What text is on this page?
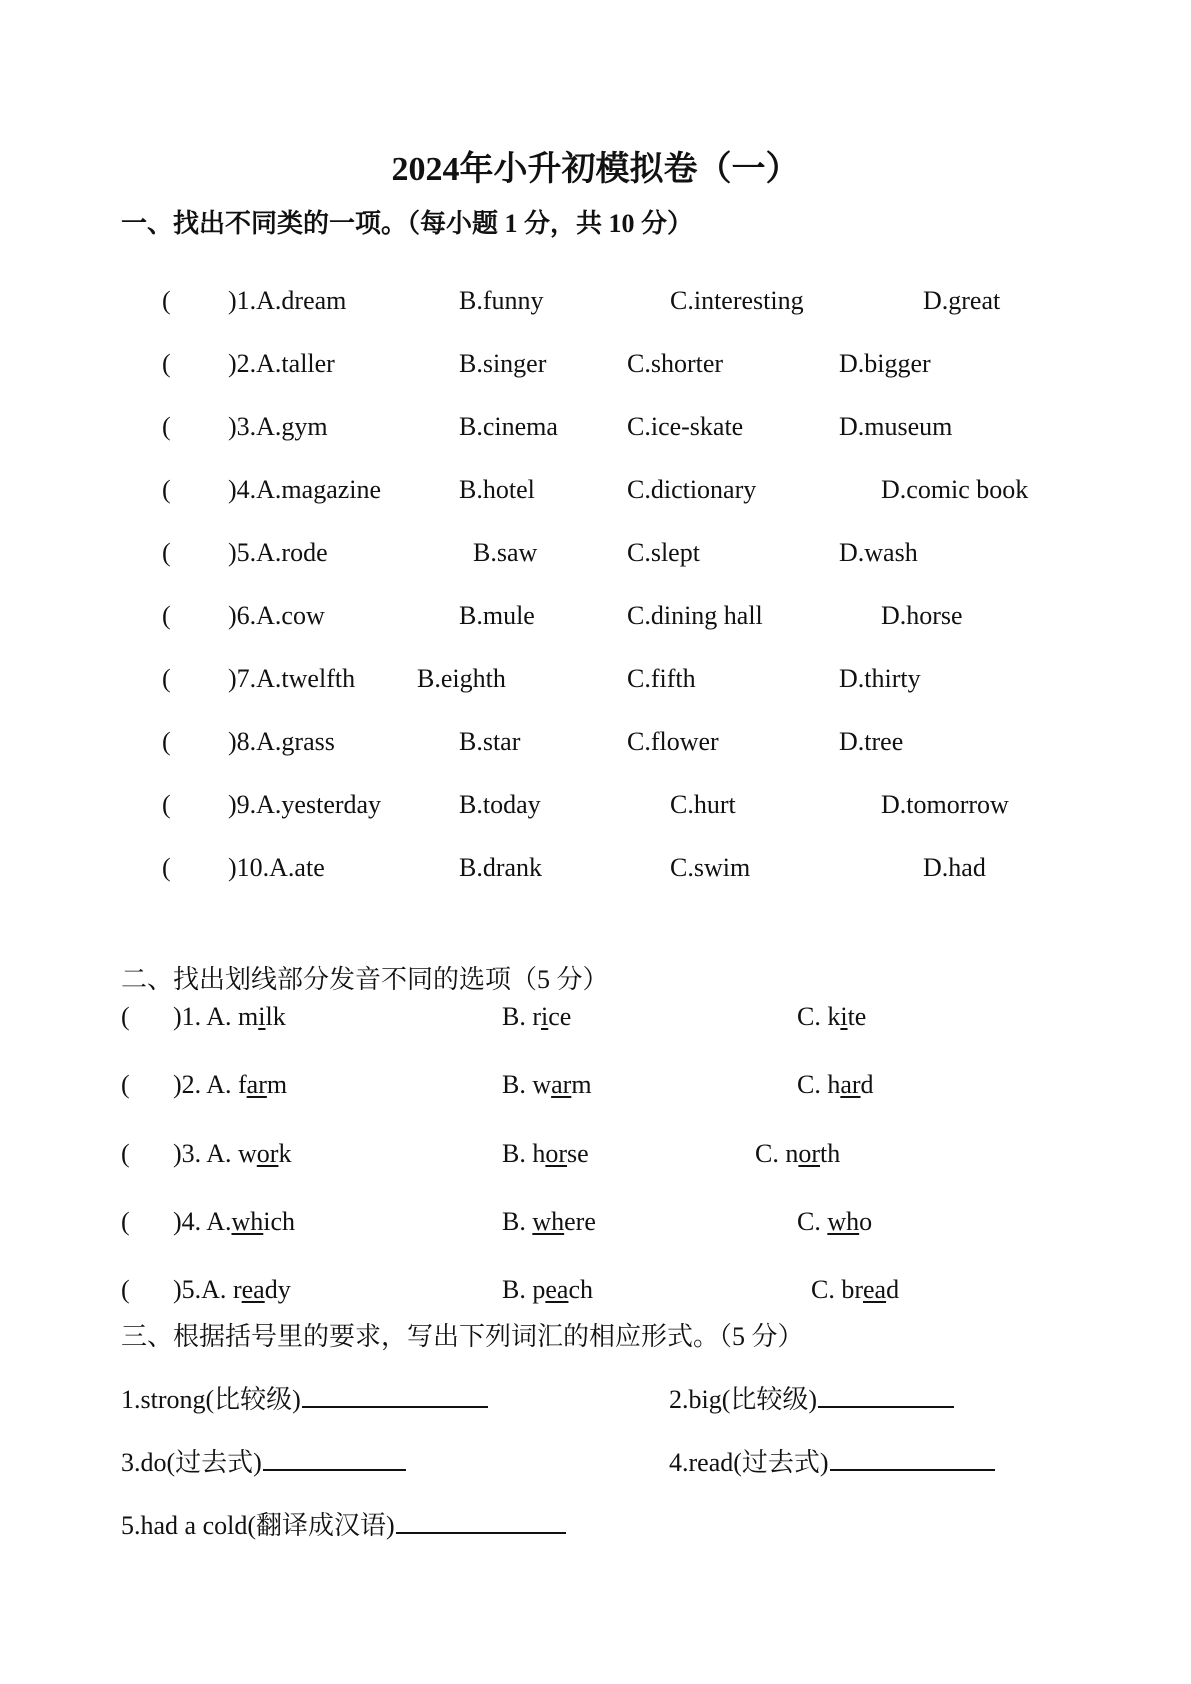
2024年小升初模拟卷（一）
一、找出不同类的一项。（每小题 1 分，共 10 分）
( )1.A.dream	B.funny	C.interesting	D.great
( )2.A.taller	B.singer	C.shorter	D.bigger
( )3.A.gym	B.cinema	C.ice-skate	D.museum
( )4.A.magazine	B.hotel	C.dictionary	D.comic book
( )5.A.rode	B.saw	C.slept	D.wash
( )6.A.cow	B.mule	C.dining hall	D.horse
( )7.A.twelfth B.eighth	C.fifth	D.thirty
( )8.A.grass	B.star	C.flower	D.tree
( )9.A.yesterday	B.today	C.hurt	D.tomorrow
( )10.A.ate	B.drank	C.swim	D.had
二、找出划线部分发音不同的选项（5 分）
( )1. A. milk	B. rice	C. kite
( )2. A. farm	B. warm	C. hard
( )3. A. work	B. horse	C. north
( )4. A.which	B. where	C. who
( )5.A. ready	B. peach	C. bread
三、根据括号里的要求，写出下列词汇的相应形式。（5 分）
1.strong(比较级)	2.big(比较级)
3.do(过去式)	4.read(过去式)
5.had a cold(翻译成汉语)
